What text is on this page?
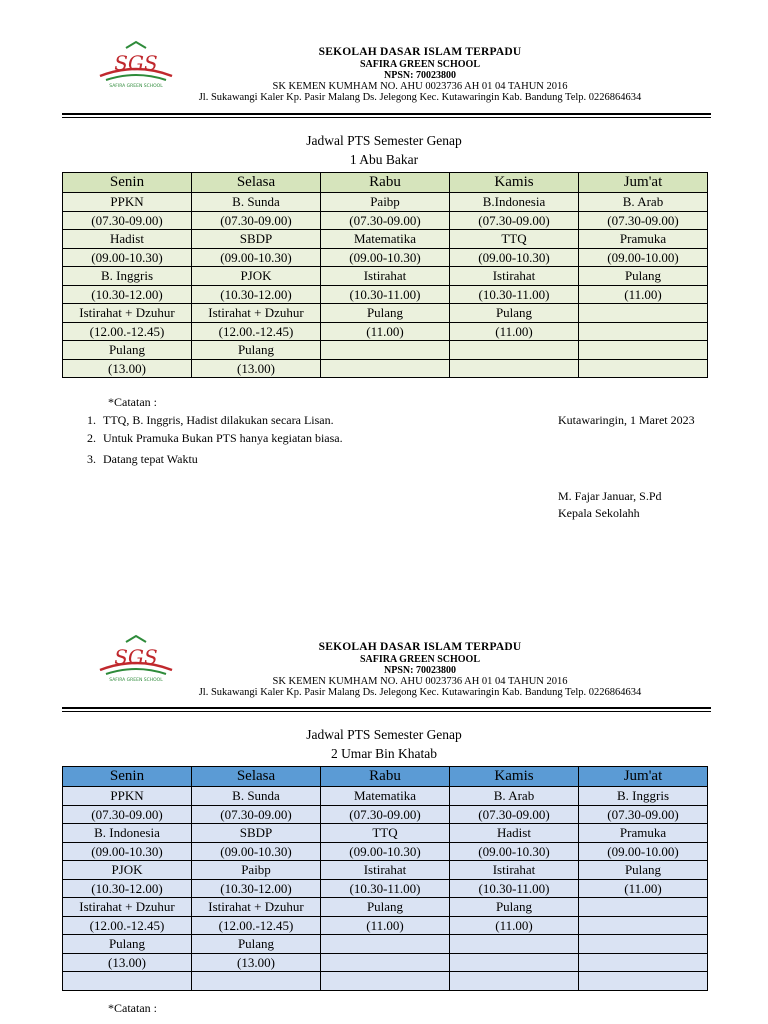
SGS
SAFIRA GREEN SCHOOL
SEKOLAH DASAR ISLAM TERPADU
SAFIRA GREEN SCHOOL
NPSN: 70023800
SK KEMEN KUMHAM NO. AHU 0023736 AH 01 04 TAHUN 2016
Jl. Sukawangi Kaler Kp. Pasir Malang Ds. Jelegong Kec. Kutawaringin Kab. Bandung Telp. 0226864634
Jadwal PTS Semester Genap
1 Abu Bakar
Senin	Selasa	Rabu	Kamis	Jum'at
PPKN	B. Sunda	Paibp	B.Indonesia	B. Arab
(07.30-09.00)	(07.30-09.00)	(07.30-09.00)	(07.30-09.00)	(07.30-09.00)
Hadist	SBDP	Matematika	TTQ	Pramuka
(09.00-10.30)	(09.00-10.30)	(09.00-10.30)	(09.00-10.30)	(09.00-10.00)
B. Inggris	PJOK	Istirahat	Istirahat	Pulang
(10.30-12.00)	(10.30-12.00)	(10.30-11.00)	(10.30-11.00)	(11.00)
Istirahat + Dzuhur	Istirahat + Dzuhur	Pulang	Pulang	
(12.00.-12.45)	(12.00.-12.45)	(11.00)	(11.00)	
Pulang	Pulang			
(13.00)	(13.00)			
*Catatan :
1. TTQ, B. Inggris, Hadist dilakukan secara Lisan.
2. Untuk Pramuka Bukan PTS hanya kegiatan biasa.
3. Datang tepat Waktu
Kutawaringin, 1 Maret 2023
M. Fajar Januar, S.Pd
Kepala Sekolahh
SGS
SAFIRA GREEN SCHOOL
SEKOLAH DASAR ISLAM TERPADU
SAFIRA GREEN SCHOOL
NPSN: 70023800
SK KEMEN KUMHAM NO. AHU 0023736 AH 01 04 TAHUN 2016
Jl. Sukawangi Kaler Kp. Pasir Malang Ds. Jelegong Kec. Kutawaringin Kab. Bandung Telp. 0226864634
Jadwal PTS Semester Genap
2 Umar Bin Khatab
Senin	Selasa	Rabu	Kamis	Jum'at
PPKN	B. Sunda	Matematika	B. Arab	B. Inggris
(07.30-09.00)	(07.30-09.00)	(07.30-09.00)	(07.30-09.00)	(07.30-09.00)
B. Indonesia	SBDP	TTQ	Hadist	Pramuka
(09.00-10.30)	(09.00-10.30)	(09.00-10.30)	(09.00-10.30)	(09.00-10.00)
PJOK	Paibp	Istirahat	Istirahat	Pulang
(10.30-12.00)	(10.30-12.00)	(10.30-11.00)	(10.30-11.00)	(11.00)
Istirahat + Dzuhur	Istirahat + Dzuhur	Pulang	Pulang	
(12.00.-12.45)	(12.00.-12.45)	(11.00)	(11.00)	
Pulang	Pulang			
(13.00)	(13.00)			

*Catatan :
